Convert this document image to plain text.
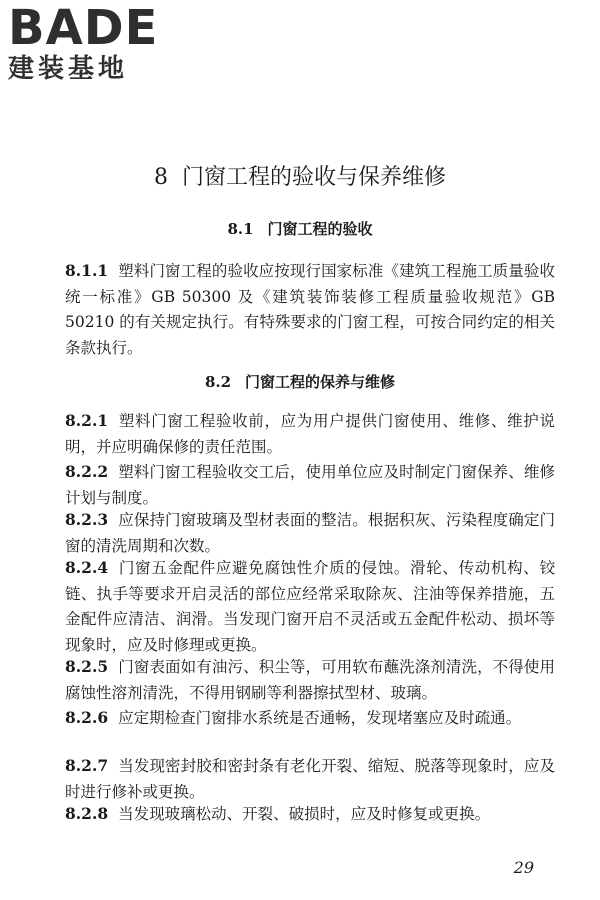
BADE
建装基地
8 门窗工程的验收与保养维修
8.1 门窗工程的验收
8.1.1 塑料门窗工程的验收应按现行国家标准《建筑工程施工质量验收统一标准》GB 50300 及《建筑装饰装修工程质量验收规范》GB 50210 的有关规定执行。有特殊要求的门窗工程，可按合同约定的相关条款执行。
8.2 门窗工程的保养与维修
8.2.1 塑料门窗工程验收前，应为用户提供门窗使用、维修、维护说明，并应明确保修的责任范围。
8.2.2 塑料门窗工程验收交工后，使用单位应及时制定门窗保养、维修计划与制度。
8.2.3 应保持门窗玻璃及型材表面的整洁。根据积灰、污染程度确定门窗的清洗周期和次数。
8.2.4 门窗五金配件应避免腐蚀性介质的侵蚀。滑轮、传动机构、铰链、执手等要求开启灵活的部位应经常采取除灰、注油等保养措施，五金配件应清洁、润滑。当发现门窗开启不灵活或五金配件松动、损坏等现象时，应及时修理或更换。
8.2.5 门窗表面如有油污、积尘等，可用软布蘸洗涤剂清洗，不得使用腐蚀性溶剂清洗，不得用钢刷等利器擦拭型材、玻璃。
8.2.6 应定期检查门窗排水系统是否通畅，发现堵塞应及时疏通。
8.2.7 当发现密封胶和密封条有老化开裂、缩短、脱落等现象时，应及时进行修补或更换。
8.2.8 当发现玻璃松动、开裂、破损时，应及时修复或更换。
29
